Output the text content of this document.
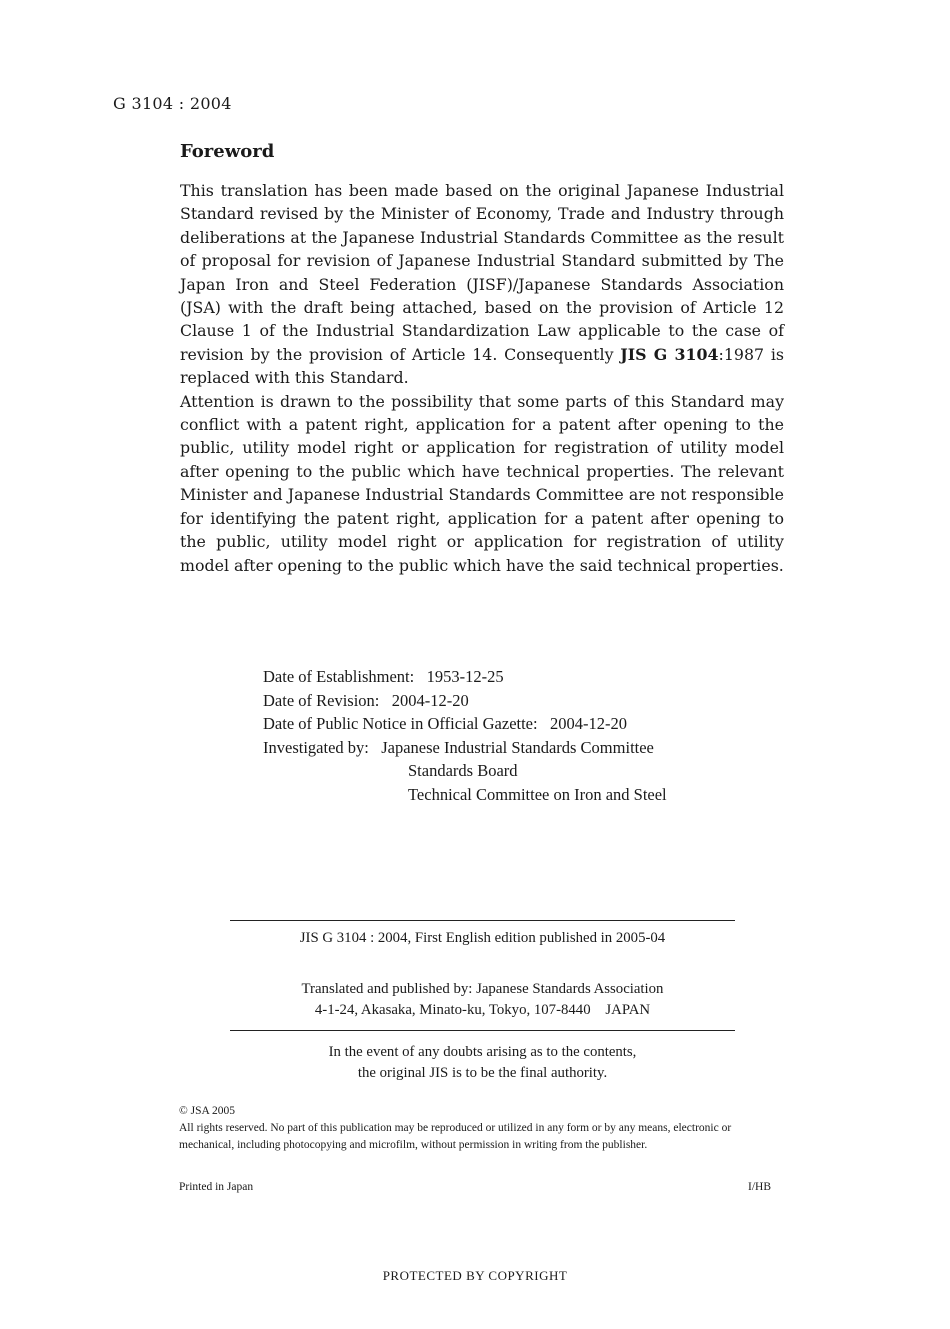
G 3104 : 2004
Foreword

This translation has been made based on the original Japanese Industrial Standard revised by the Minister of Economy, Trade and Industry through deliberations at the Japanese Industrial Standards Committee as the result of proposal for revision of Japanese Industrial Standard submitted by The Japan Iron and Steel Federation (JISF)/Japanese Standards Association (JSA) with the draft being attached, based on the provision of Article 12 Clause 1 of the Industrial Standardization Law applicable to the case of revision by the provision of Article 14. Consequently JIS G 3104:1987 is replaced with this Standard.

Attention is drawn to the possibility that some parts of this Standard may conflict with a patent right, application for a patent after opening to the public, utility model right or application for registration of utility model after opening to the public which have technical properties. The relevant Minister and Japanese Industrial Standards Committee are not responsible for identifying the patent right, application for a patent after opening to the public, utility model right or application for registration of utility model after opening to the public which have the said technical properties.

Date of Establishment: 1953-12-25
Date of Revision: 2004-12-20
Date of Public Notice in Official Gazette: 2004-12-20
Investigated by: Japanese Industrial Standards Committee
Standards Board
Technical Committee on Iron and Steel
JIS G 3104 : 2004, First English edition published in 2005-04
Translated and published by: Japanese Standards Association
4-1-24, Akasaka, Minato-ku, Tokyo, 107-8440 JAPAN
In the event of any doubts arising as to the contents,
the original JIS is to be the final authority.

© JSA 2005

All rights reserved. No part of this publication may be reproduced or utilized in any form or by any means, electronic or mechanical, including photocopying and microfilm, without permission in writing from the publisher.

Printed in Japan	I/HB
PROTECTED BY COPYRIGHT
